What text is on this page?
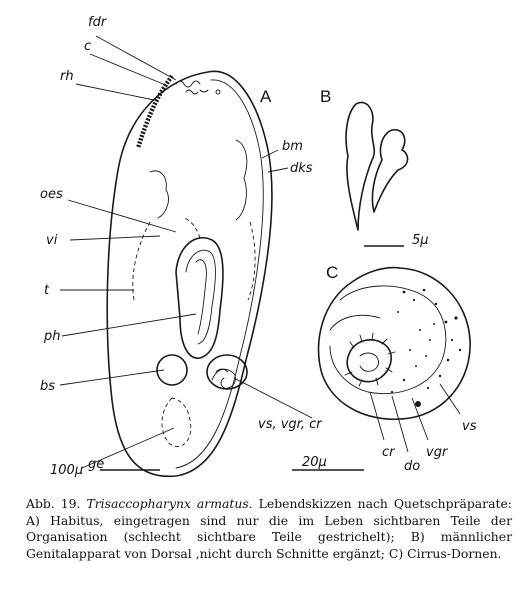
A
fdr
c
rh
oes
vi
t
ph
bs
ge
bm
dks
vs, vgr, cr
100μ
B
5μ
C
cr
do
vgr
vs
20μ
Abb. 19. Trisaccopharynx armatus. Lebendskizzen nach Quetschpräparate: A) Habitus, eingetragen sind nur die im Leben sichtbaren Teile der Organisation (schlecht sichtbare Teile gestrichelt); B) männlicher Genitalapparat von Dorsal ,nicht durch Schnitte ergänzt; C) Cirrus-Dornen.
